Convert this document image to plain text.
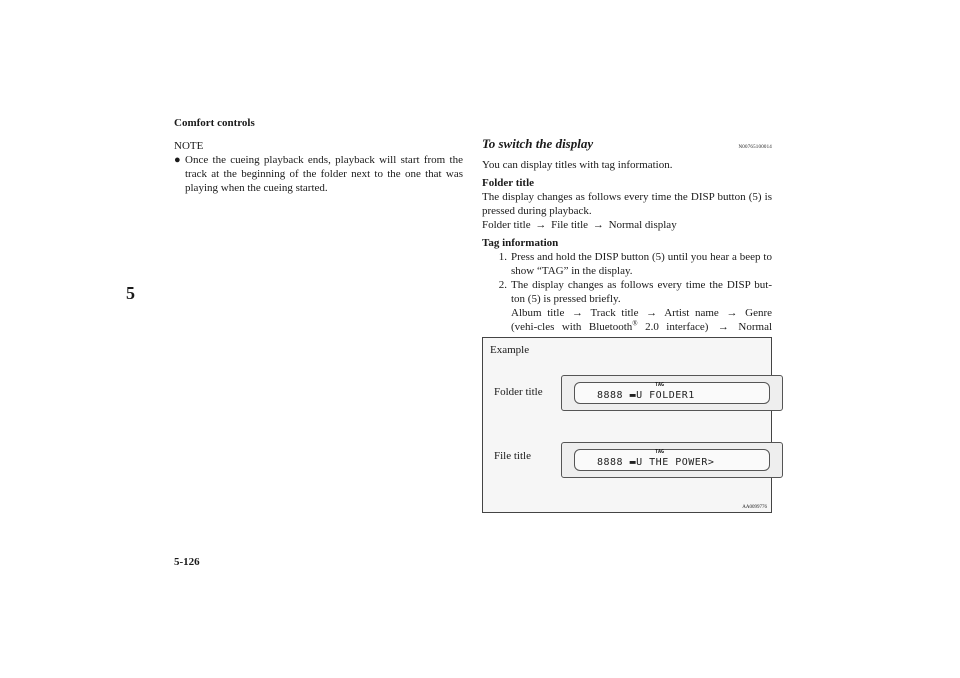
Comfort controls
5
5-126
NOTE
● Once the cueing playback ends, playback will start from the track at the beginning of the folder next to the one that was playing when the cueing started.
To switch the display	N00765100014

You can display titles with tag information.

Folder title
The display changes as follows every time the DISP button (5) is pressed during playback.
Folder title → File title → Normal display
Tag information
1. Press and hold the DISP button (5) until you hear a beep to show “TAG” in the display.
2. The display changes as follows every time the DISP but-ton (5) is pressed briefly.
Album title → Track title → Artist name → Genre (vehi-cles with Bluetooth® 2.0 interface) → Normal
Example
Folder title
File title
TAG
8888 ▬U FOLDER1
TAG
8888 ▬U THE POWER>
AA0099776
